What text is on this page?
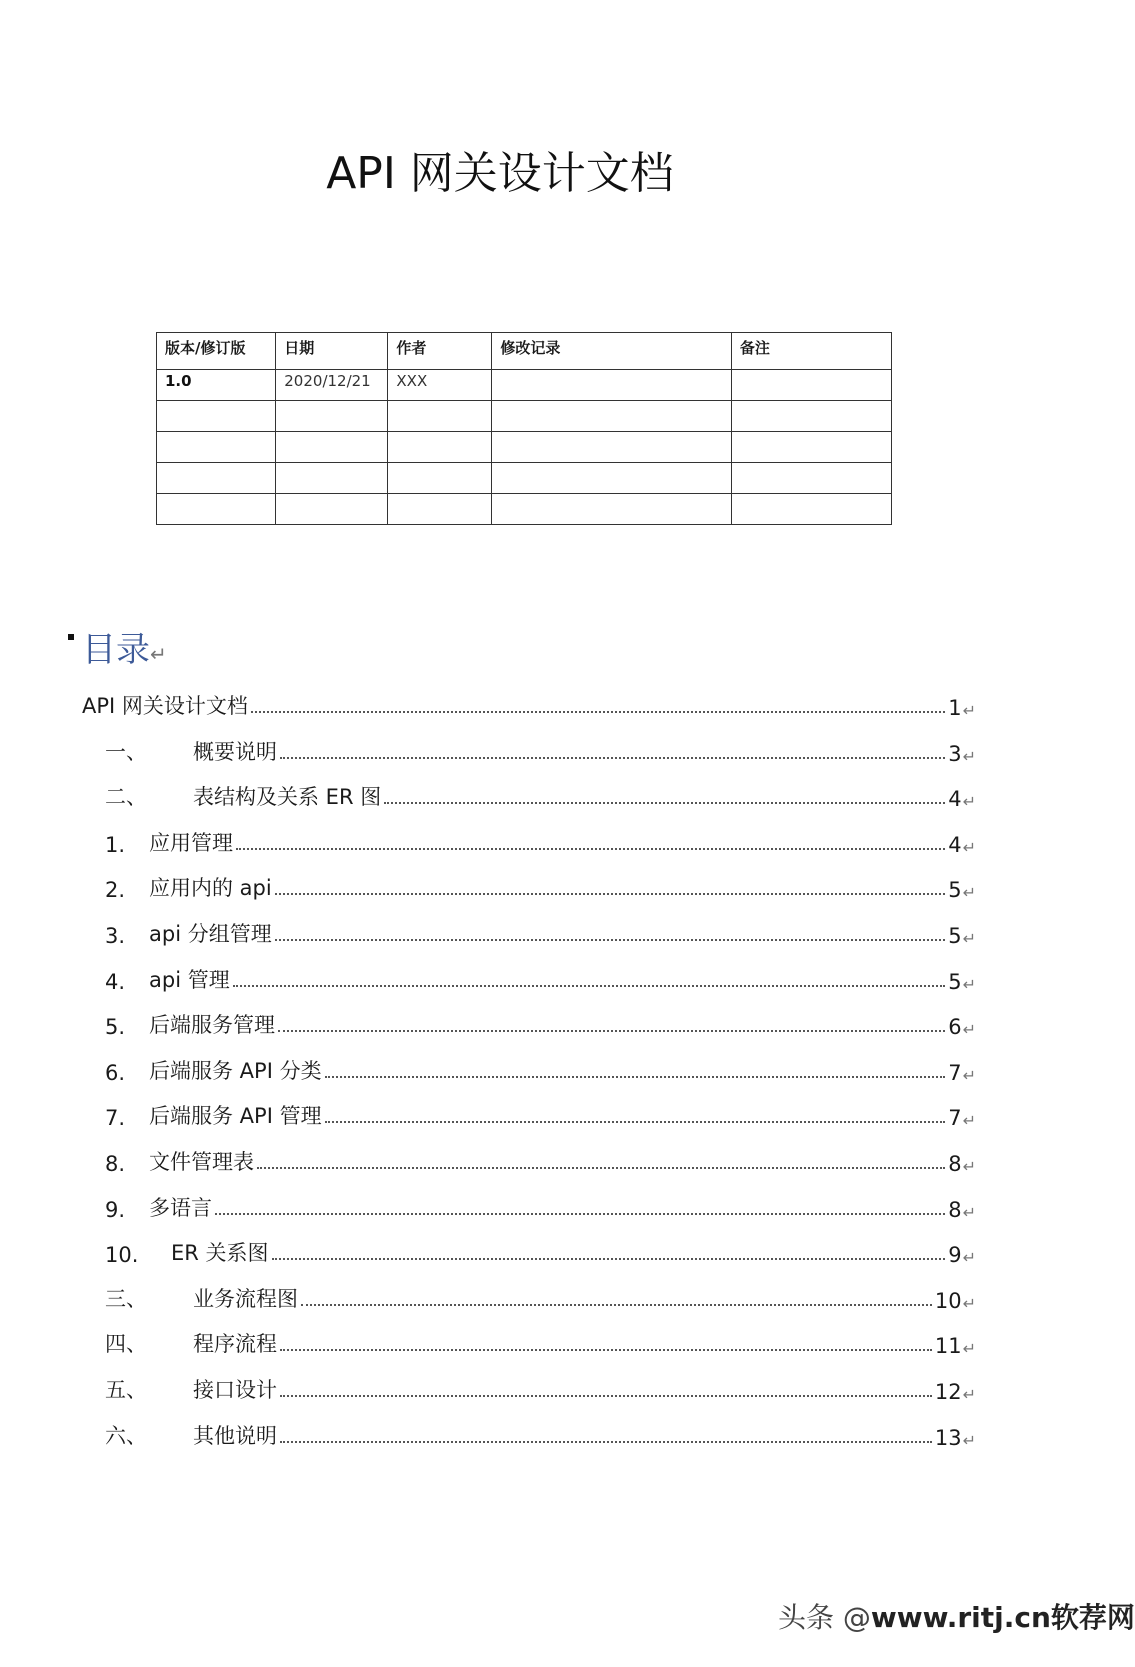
API 网关设计文档
版本/修订版	日期	作者	修改记录	备注
1.0	2020/12/21	XXX		

目录↵
API 网关设计文档	1 ↵
一、	概要说明	3 ↵
二、	表结构及关系 ER 图	4 ↵
1.	应用管理	4 ↵
2.	应用内的 api	5 ↵
3.	api 分组管理	5 ↵
4.	api 管理	5 ↵
5.	后端服务管理	6 ↵
6.	后端服务 API 分类	7 ↵
7.	后端服务 API 管理	7 ↵
8.	文件管理表	8 ↵
9.	多语言	8 ↵
10.	ER 关系图	9 ↵
三、	业务流程图	10 ↵
四、	程序流程	11 ↵
五、	接口设计	12 ↵
六、	其他说明	13 ↵
头条 @www.ritj.cn软荐网
